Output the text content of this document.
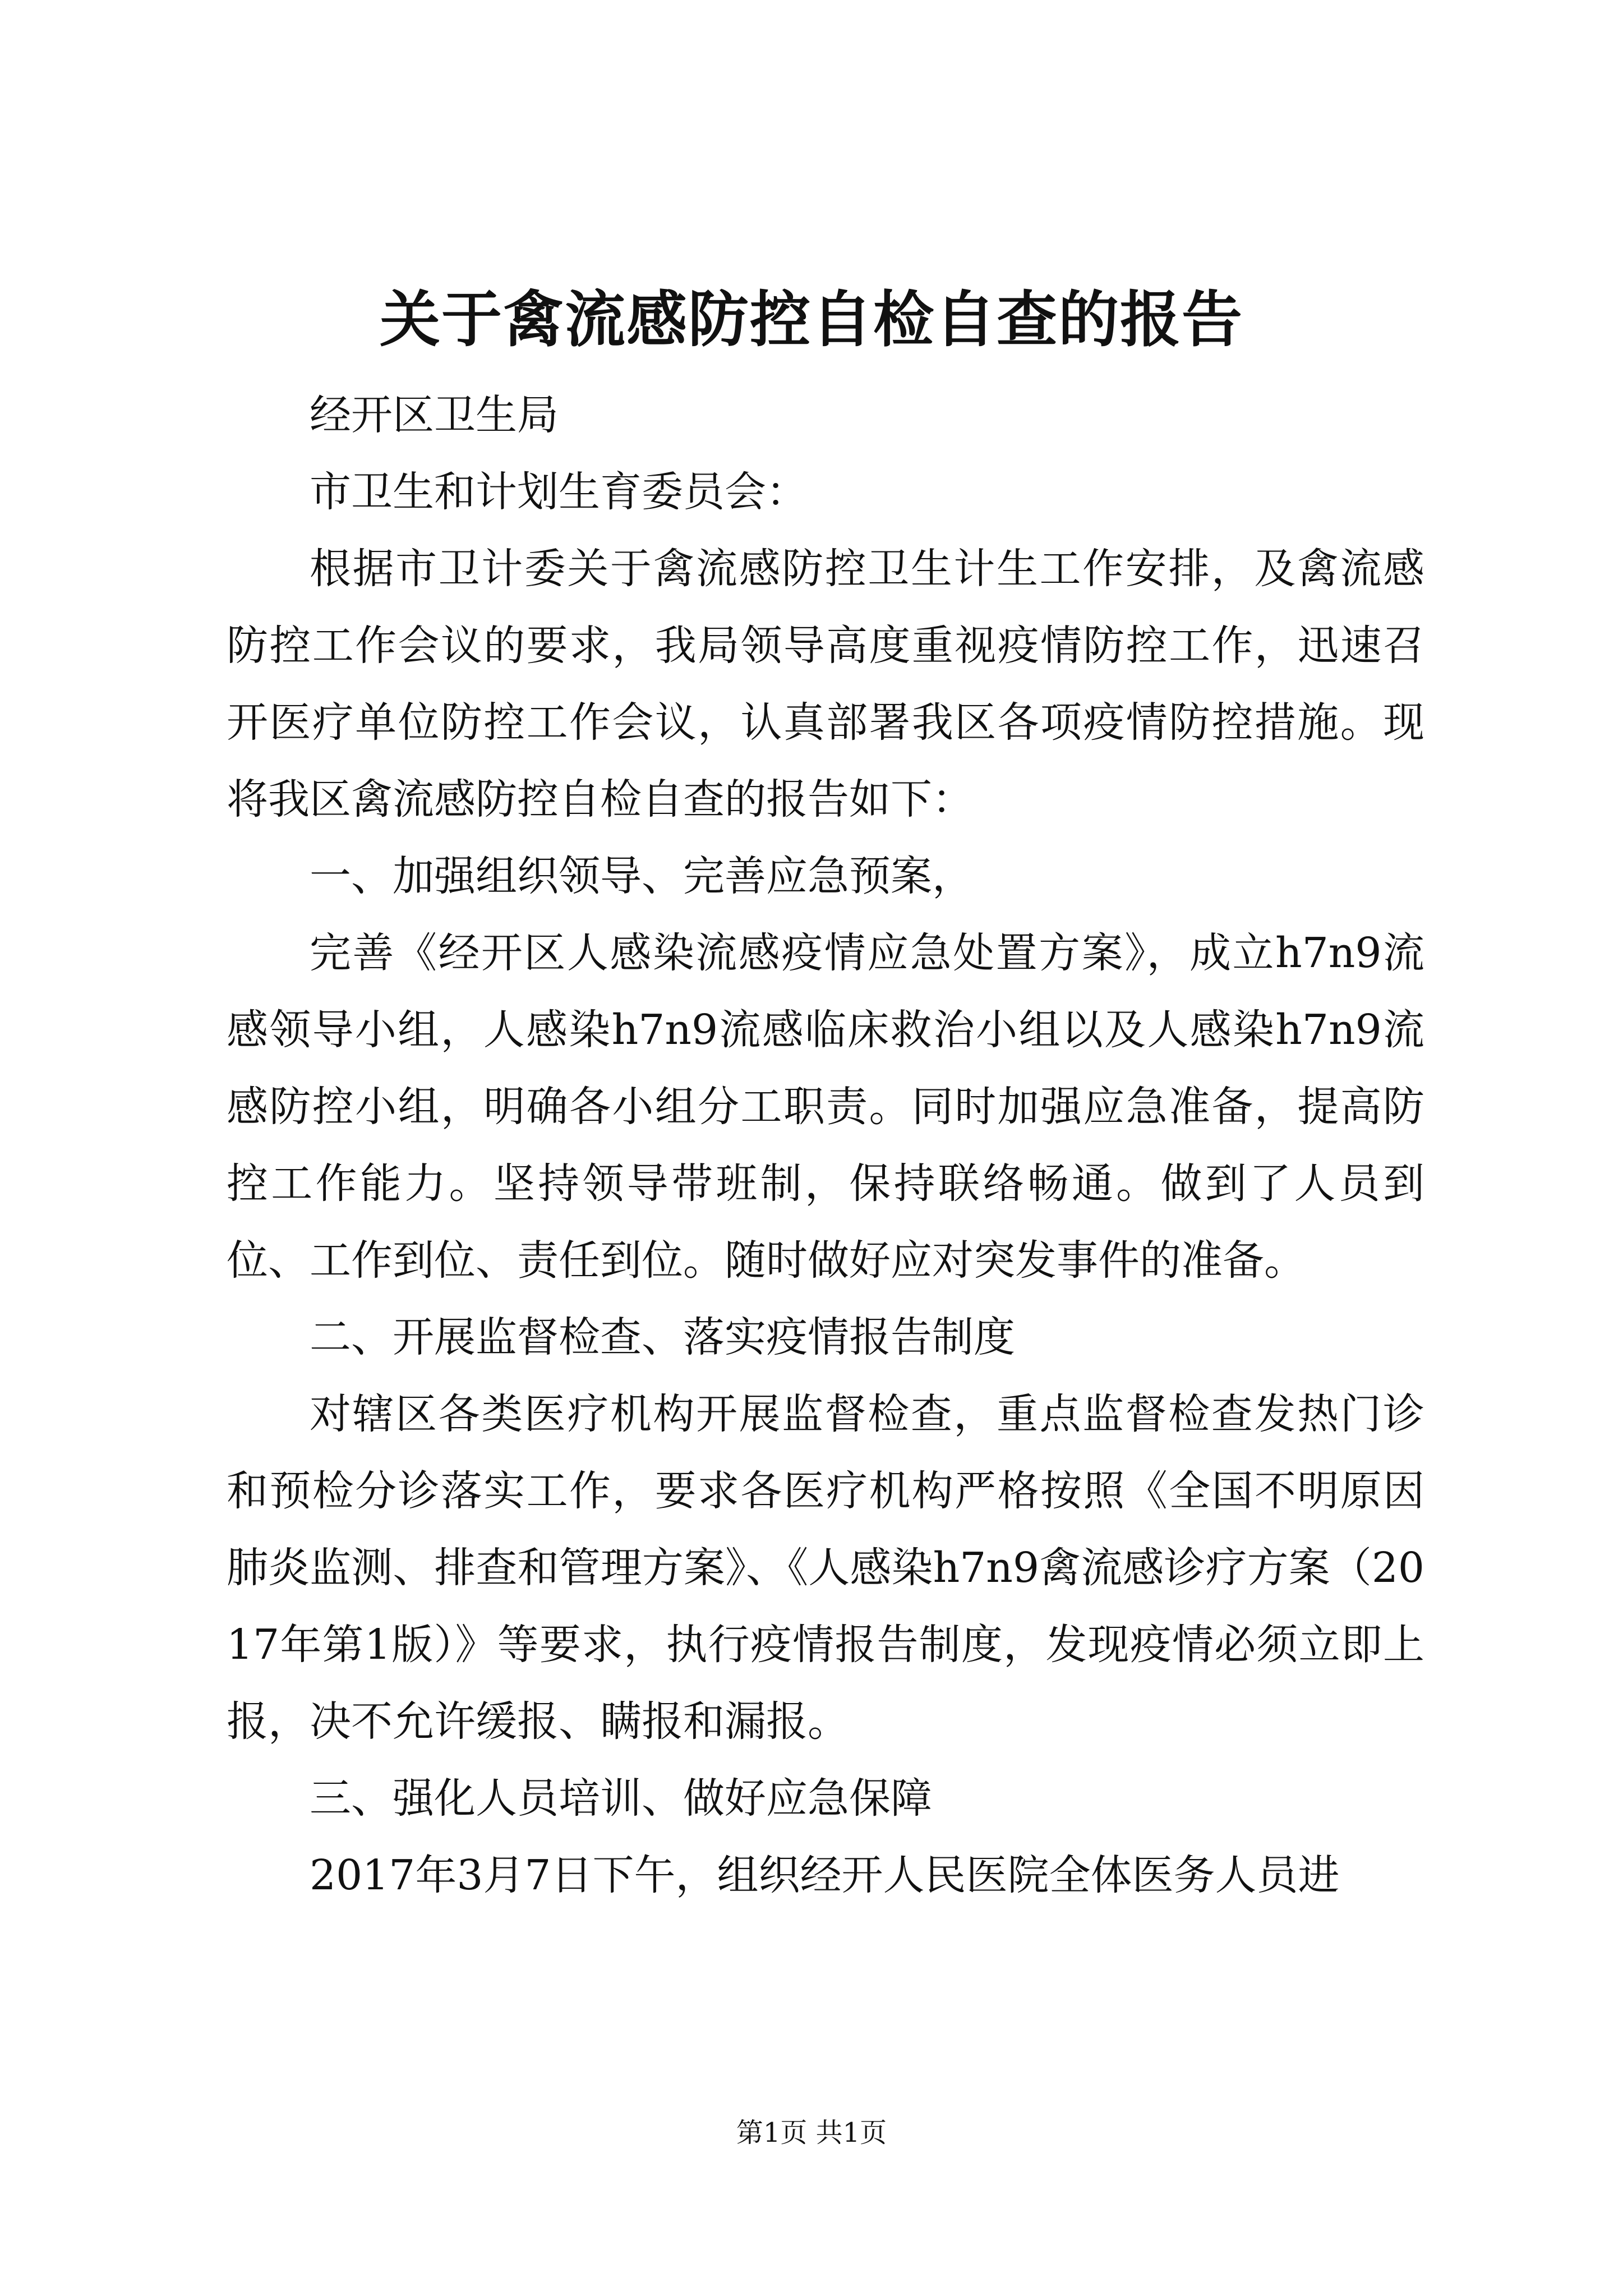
关于禽流感防控自检自查的报告

经开区卫生局

市卫生和计划生育委员会：

根据市卫计委关于禽流感防控卫生计生工作安排，及禽流感防控工作会议的要求，我局领导高度重视疫情防控工作，迅速召开医疗单位防控工作会议，认真部署我区各项疫情防控措施。现将我区禽流感防控自检自查的报告如下：

一、加强组织领导、完善应急预案，

完善《经开区人感染流感疫情应急处置方案》，成立h7n9流感领导小组，人感染h7n9流感临床救治小组以及人感染h7n9流感防控小组，明确各小组分工职责。同时加强应急准备，提高防控工作能力。坚持领导带班制，保持联络畅通。做到了人员到位、工作到位、责任到位。随时做好应对突发事件的准备。

二、开展监督检查、落实疫情报告制度

对辖区各类医疗机构开展监督检查，重点监督检查发热门诊和预检分诊落实工作，要求各医疗机构严格按照《全国不明原因肺炎监测、排查和管理方案》、《人感染h7n9禽流感诊疗方案（2017年第1版）》等要求，执行疫情报告制度，发现疫情必须立即上报，决不允许缓报、瞒报和漏报。

三、强化人员培训、做好应急保障

2017年3月7日下午，组织经开人民医院全体医务人员进

第1页 共1页
